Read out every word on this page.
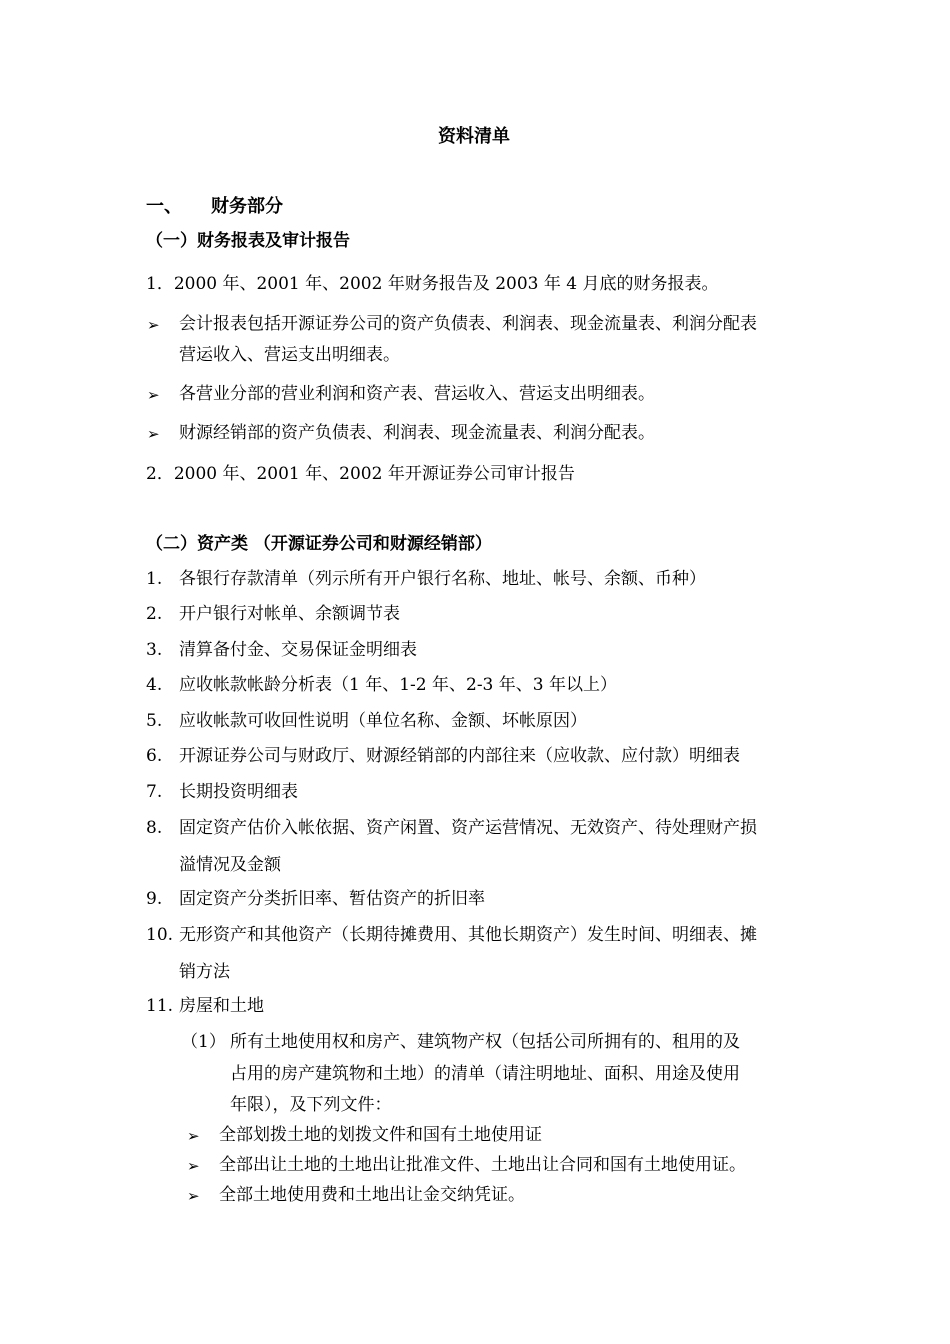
资料清单
一、 财务部分
（一）财务报表及审计报告
1．2000 年、2001 年、2002 年财务报告及 2003 年 4 月底的财务报表。
➢ 会计报表包括开源证券公司的资产负债表、利润表、现金流量表、利润分配表
营运收入、营运支出明细表。
➢ 各营业分部的营业利润和资产表、营运收入、营运支出明细表。
➢ 财源经销部的资产负债表、利润表、现金流量表、利润分配表。
2．2000 年、2001 年、2002 年开源证券公司审计报告
（二）资产类 （开源证券公司和财源经销部）
1. 各银行存款清单（列示所有开户银行名称、地址、帐号、余额、币种）
2. 开户银行对帐单、余额调节表
3. 清算备付金、交易保证金明细表
4. 应收帐款帐龄分析表（1 年、1-2 年、2-3 年、3 年以上）
5. 应收帐款可收回性说明（单位名称、金额、坏帐原因）
6. 开源证券公司与财政厅、财源经销部的内部往来（应收款、应付款）明细表
7. 长期投资明细表
8. 固定资产估价入帐依据、资产闲置、资产运营情况、无效资产、待处理财产损
溢情况及金额
9. 固定资产分类折旧率、暂估资产的折旧率
10. 无形资产和其他资产（长期待摊费用、其他长期资产）发生时间、明细表、摊
销方法
11. 房屋和土地
（1） 所有土地使用权和房产、建筑物产权（包括公司所拥有的、租用的及
占用的房产建筑物和土地）的清单（请注明地址、面积、用途及使用
年限），及下列文件：
➢ 全部划拨土地的划拨文件和国有土地使用证
➢ 全部出让土地的土地出让批准文件、土地出让合同和国有土地使用证。
➢ 全部土地使用费和土地出让金交纳凭证。
